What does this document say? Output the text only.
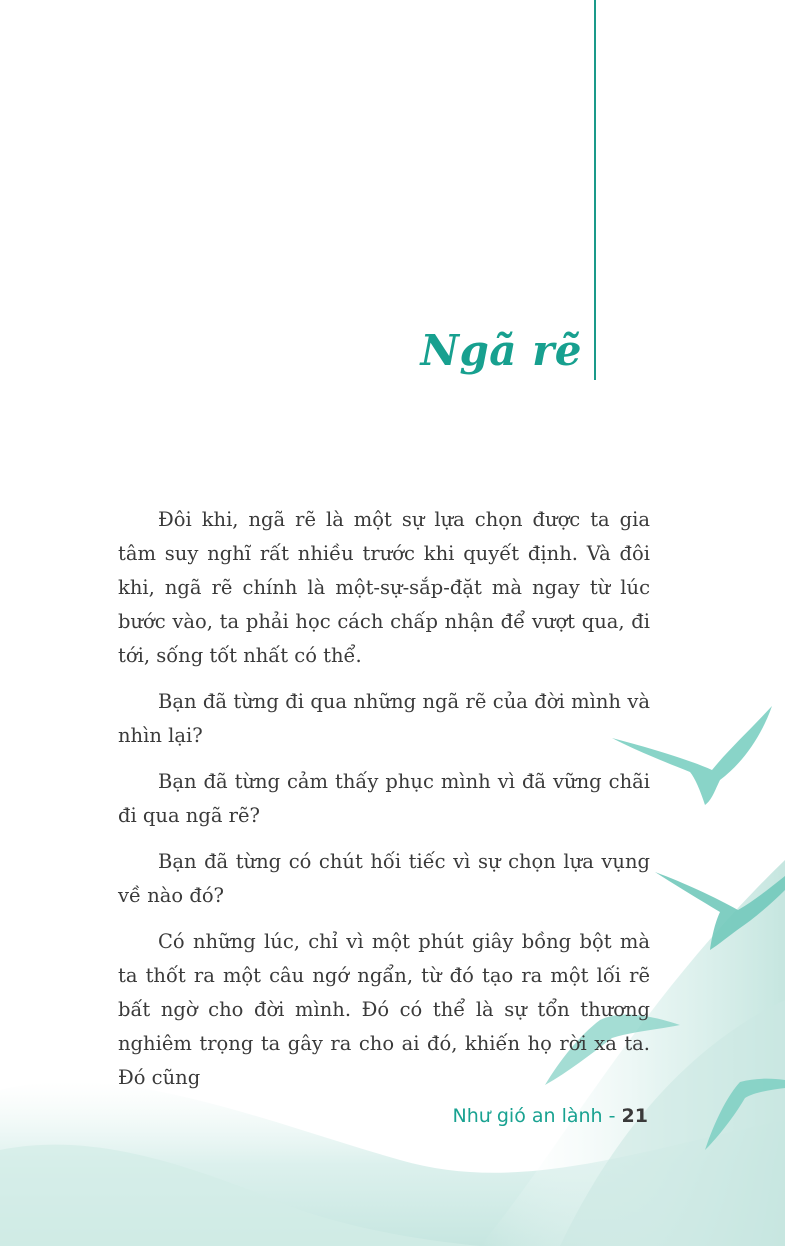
Ngã rẽ

Đôi khi, ngã rẽ là một sự lựa chọn được ta gia tâm suy nghĩ rất nhiều trước khi quyết định. Và đôi khi, ngã rẽ chính là một-sự-sắp-đặt mà ngay từ lúc bước vào, ta phải học cách chấp nhận để vượt qua, đi tới, sống tốt nhất có thể.

Bạn đã từng đi qua những ngã rẽ của đời mình và nhìn lại?

Bạn đã từng cảm thấy phục mình vì đã vững chãi đi qua ngã rẽ?

Bạn đã từng có chút hối tiếc vì sự chọn lựa vụng về nào đó?

Có những lúc, chỉ vì một phút giây bồng bột mà ta thốt ra một câu ngớ ngẩn, từ đó tạo ra một lối rẽ bất ngờ cho đời mình. Đó có thể là sự tổn thương nghiêm trọng ta gây ra cho ai đó, khiến họ rời xa ta. Đó cũng

Như gió an lành - 21
